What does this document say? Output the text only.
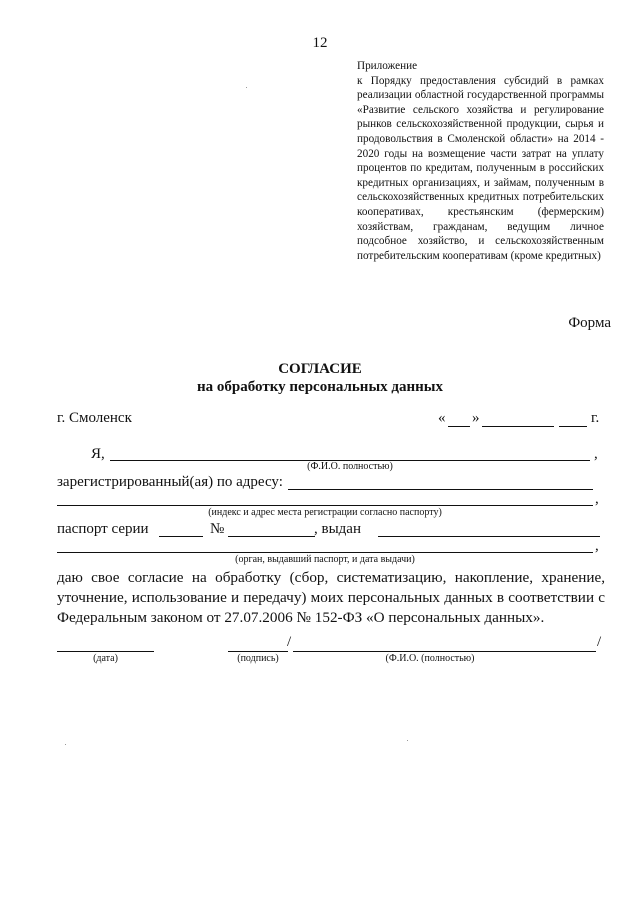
12
Приложение
к Порядку предоставления субсидий в рамках реализации областной государственной программы «Развитие сельского хозяйства и регулирование рынков сельскохозяйственной продукции, сырья и продовольствия в Смоленской области» на 2014 - 2020 годы на возмещение части затрат на уплату процентов по кредитам, полученным в российских кредитных организациях, и займам, полученным в сельскохозяйственных кредитных потребительских кооперативах, крестьянским (фермерским) хозяйствам, гражданам, ведущим личное подсобное хозяйство, и сельскохозяйственным потребительским кооперативам (кроме кредитных)
Форма
СОГЛАСИЕ
на обработку персональных данных
г. Смоленск	« »	г.
Я,	,
(Ф.И.О. полностью)
зарегистрированный(ая) по адресу:
,
(индекс и адрес места регистрации согласно паспорту)
паспорт серии	№	, выдан
,
(орган, выдавший паспорт, и дата выдачи)
даю свое согласие на обработку (сбор, систематизацию, накопление, хранение, уточнение, использование и передачу) моих персональных данных в соответствии с Федеральным законом от 27.07.2006 № 152-ФЗ «О персональных данных».
/	/
(дата)	(подпись)	(Ф.И.О. (полностью)
